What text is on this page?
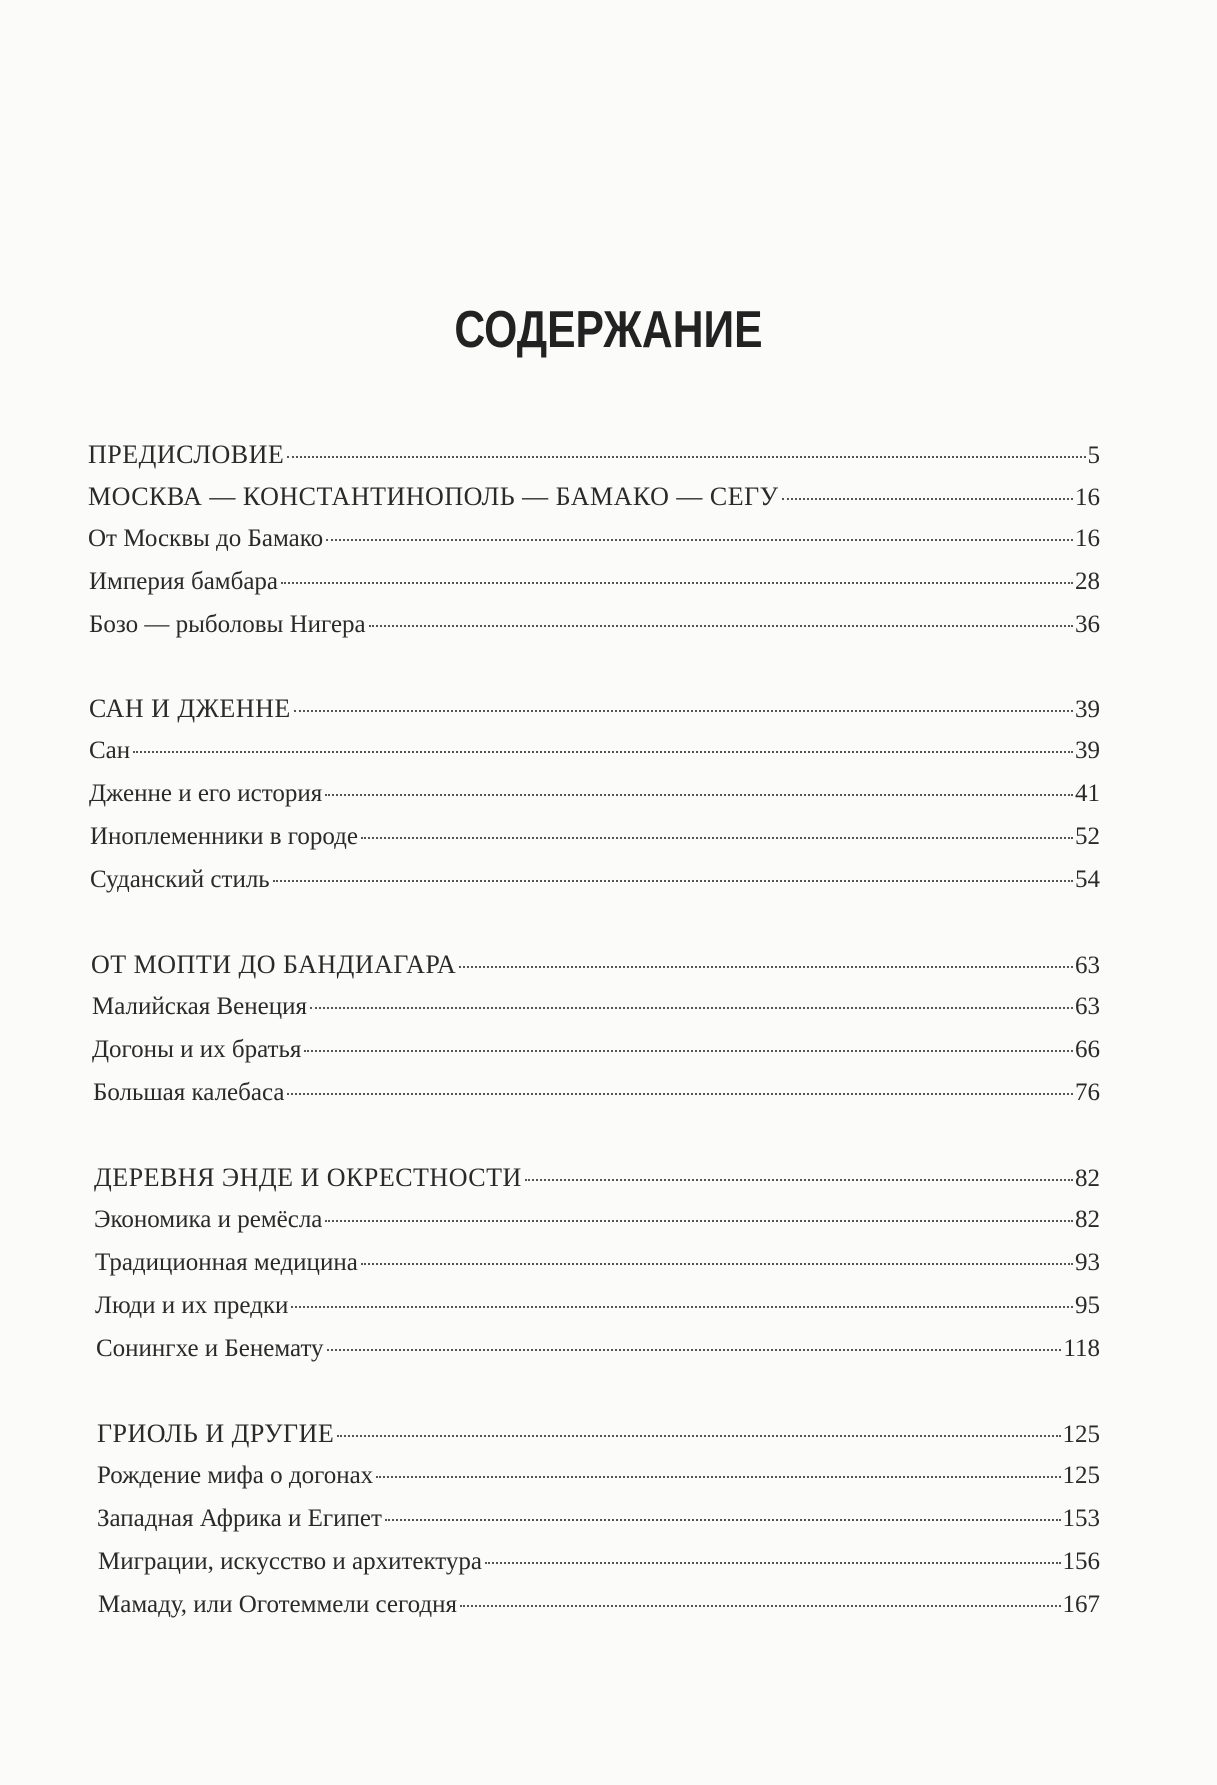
СОДЕРЖАНИЕ
ПРЕДИСЛОВИЕ	5
МОСКВА — КОНСТАНТИНОПОЛЬ — БАМАКО — СЕГУ	16
От Москвы до Бамако	16
Империя бамбара	28
Бозо — рыболовы Нигера	36
САН И ДЖЕННЕ	39
Сан	39
Дженне и его история	41
Иноплеменники в городе	52
Суданский стиль	54
ОТ МОПТИ ДО БАНДИАГАРА	63
Малийская Венеция	63
Догоны и их братья	66
Большая калебаса	76
ДЕРЕВНЯ ЭНДЕ И ОКРЕСТНОСТИ	82
Экономика и ремёсла	82
Традиционная медицина	93
Люди и их предки	95
Сонингхе и Бенемату	118
ГРИОЛЬ И ДРУГИЕ	125
Рождение мифа о догонах	125
Западная Африка и Египет	153
Миграции, искусство и архитектура	156
Мамаду, или Оготеммели сегодня	167
